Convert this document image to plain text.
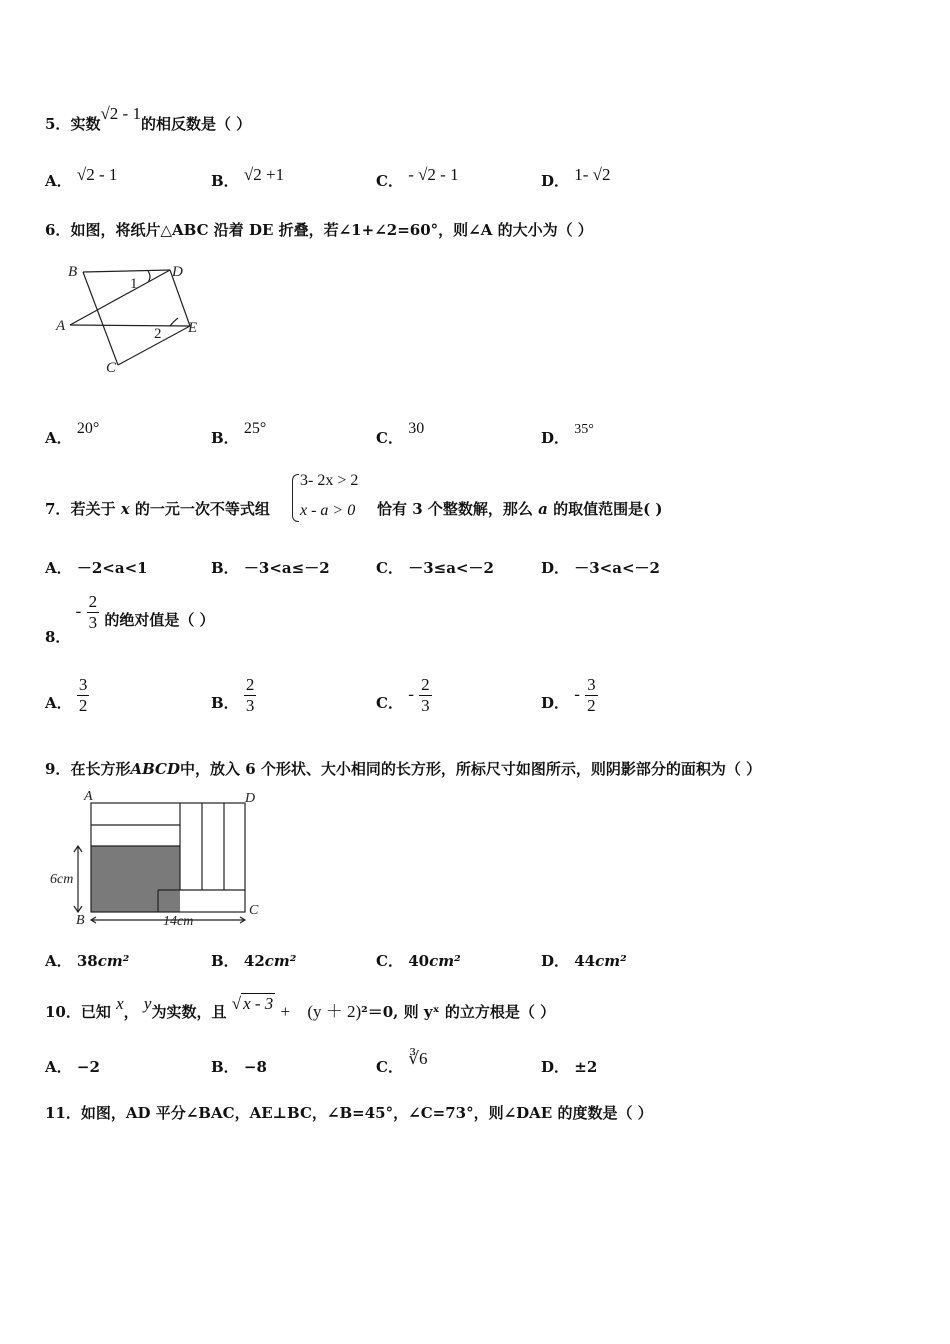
5．实数√2 - 1的相反数是（ ）
A． √2 - 1	B． √2 +1	C． - √2 - 1	D． 1- √2
6．如图，将纸片△ABC 沿着 DE 折叠，若∠1+∠2=60°，则∠A 的大小为（ ）
B	D
1
A	2 E
C
A． 20°
B． 25°
C． 30
D． 35°
7．若关于 x 的一元一次不等式组
3- 2x > 2
x - a > 0 恰有 3 个整数解，那么 a 的取值范围是( )
A． －2<a<1	B． －3<a≤－2	C． －3≤a<－2	D． －3<a<－2
8． - $\frac{2}{3}$ 的绝对值是（ ）
A． $\frac{3}{2}$	B． $\frac{2}{3}$	C． - $\frac{2}{3}$	D． - $\frac{3}{2}$
9．在长方形ABCD中，放入 6 个形状、大小相同的长方形，所标尺寸如图所示，则阴影部分的面积为（ ）
A	D
B
C
6cm
14cm
A． 38cm²	B． 42cm²	C． 40cm²	D． 44cm²
10．已知 x， y为实数，且 √ x - 3 + (y ＋ 2)²＝0, 则 yˣ 的立方根是（ ）
A． −2	B． −8	C． ∛6	D． ±2
11．如图，AD 平分∠BAC，AE⊥BC，∠B=45°，∠C=73°，则∠DAE 的度数是（ ）
